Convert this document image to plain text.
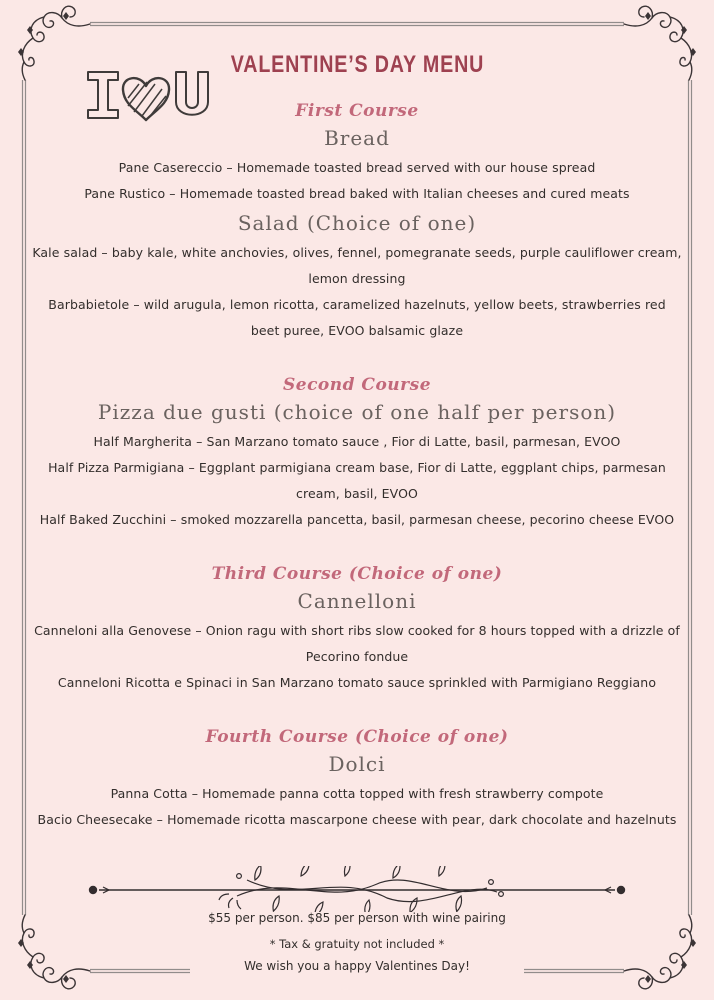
VALENTINE’S DAY MENU
First Course
Bread

Pane Casereccio – Homemade toasted bread served with our house spread

Pane Rustico – Homemade toasted bread baked with Italian cheeses and cured meats

Salad (Choice of one)

Kale salad – baby kale, white anchovies, olives, fennel, pomegranate seeds, purple cauliflower cream, lemon dressing

Barbabietole – wild arugula, lemon ricotta, caramelized hazelnuts, yellow beets, strawberries red beet puree, EVOO balsamic glaze

Second Course
Pizza due gusti (choice of one half per person)

Half Margherita – San Marzano tomato sauce , Fior di Latte, basil, parmesan, EVOO

Half Pizza Parmigiana – Eggplant parmigiana cream base, Fior di Latte, eggplant chips, parmesan cream, basil, EVOO

Half Baked Zucchini – smoked mozzarella pancetta, basil, parmesan cheese, pecorino cheese EVOO

Third Course (Choice of one)
Cannelloni

Canneloni alla Genovese – Onion ragu with short ribs slow cooked for 8 hours topped with a drizzle of Pecorino fondue

Canneloni Ricotta e Spinaci in San Marzano tomato sauce sprinkled with Parmigiano Reggiano

Fourth Course (Choice of one)
Dolci

Panna Cotta – Homemade panna cotta topped with fresh strawberry compote

Bacio Cheesecake – Homemade ricotta mascarpone cheese with pear, dark chocolate and hazelnuts

$55 per person. $85 per person with wine pairing

* Tax & gratuity not included *

We wish you a happy Valentines Day!
